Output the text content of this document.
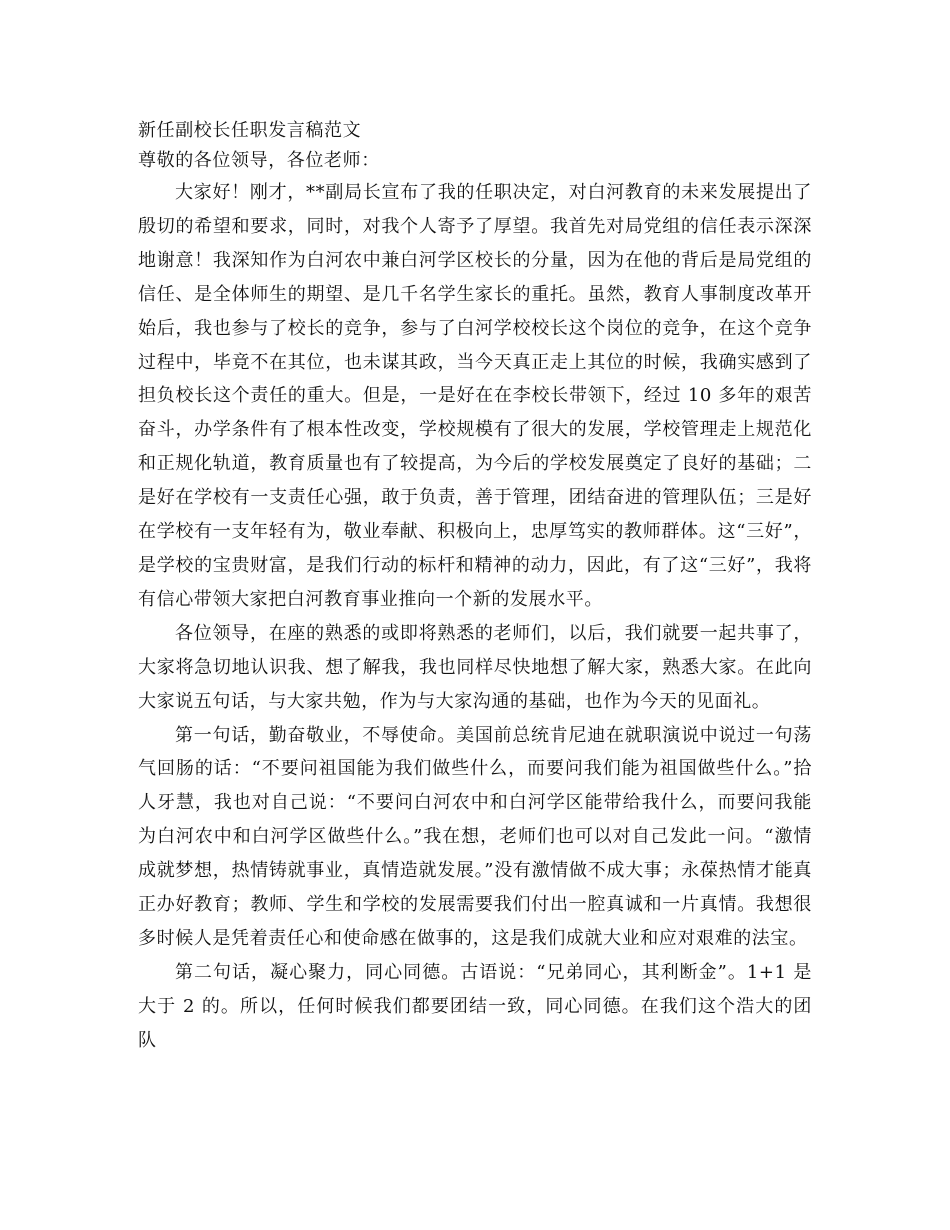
新任副校长任职发言稿范文
尊敬的各位领导，各位老师：

大家好！刚才，**副局长宣布了我的任职决定，对白河教育的未来发展提出了殷切的希望和要求，同时，对我个人寄予了厚望。我首先对局党组的信任表示深深地谢意！我深知作为白河农中兼白河学区校长的分量，因为在他的背后是局党组的信任、是全体师生的期望、是几千名学生家长的重托。虽然，教育人事制度改革开始后，我也参与了校长的竞争，参与了白河学校校长这个岗位的竞争，在这个竞争过程中，毕竟不在其位，也未谋其政，当今天真正走上其位的时候，我确实感到了担负校长这个责任的重大。但是，一是好在在李校长带领下，经过 10 多年的艰苦奋斗，办学条件有了根本性改变，学校规模有了很大的发展，学校管理走上规范化和正规化轨道，教育质量也有了较提高，为今后的学校发展奠定了良好的基础；二是好在学校有一支责任心强，敢于负责，善于管理，团结奋进的管理队伍；三是好在学校有一支年轻有为，敬业奉献、积极向上，忠厚笃实的教师群体。这“三好”，是学校的宝贵财富，是我们行动的标杆和精神的动力，因此，有了这“三好”，我将有信心带领大家把白河教育事业推向一个新的发展水平。

各位领导，在座的熟悉的或即将熟悉的老师们，以后，我们就要一起共事了，大家将急切地认识我、想了解我，我也同样尽快地想了解大家，熟悉大家。在此向大家说五句话，与大家共勉，作为与大家沟通的基础，也作为今天的见面礼。

第一句话，勤奋敬业，不辱使命。美国前总统肯尼迪在就职演说中说过一句荡气回肠的话：“不要问祖国能为我们做些什么，而要问我们能为祖国做些什么。”拾人牙慧，我也对自己说：“不要问白河农中和白河学区能带给我什么，而要问我能为白河农中和白河学区做些什么。”我在想，老师们也可以对自己发此一问。“激情成就梦想，热情铸就事业，真情造就发展。”没有激情做不成大事；永葆热情才能真正办好教育；教师、学生和学校的发展需要我们付出一腔真诚和一片真情。我想很多时候人是凭着责任心和使命感在做事的，这是我们成就大业和应对艰难的法宝。

第二句话，凝心聚力，同心同德。古语说：“兄弟同心，其利断金”。1+1 是大于 2 的。所以，任何时候我们都要团结一致，同心同德。在我们这个浩大的团队
